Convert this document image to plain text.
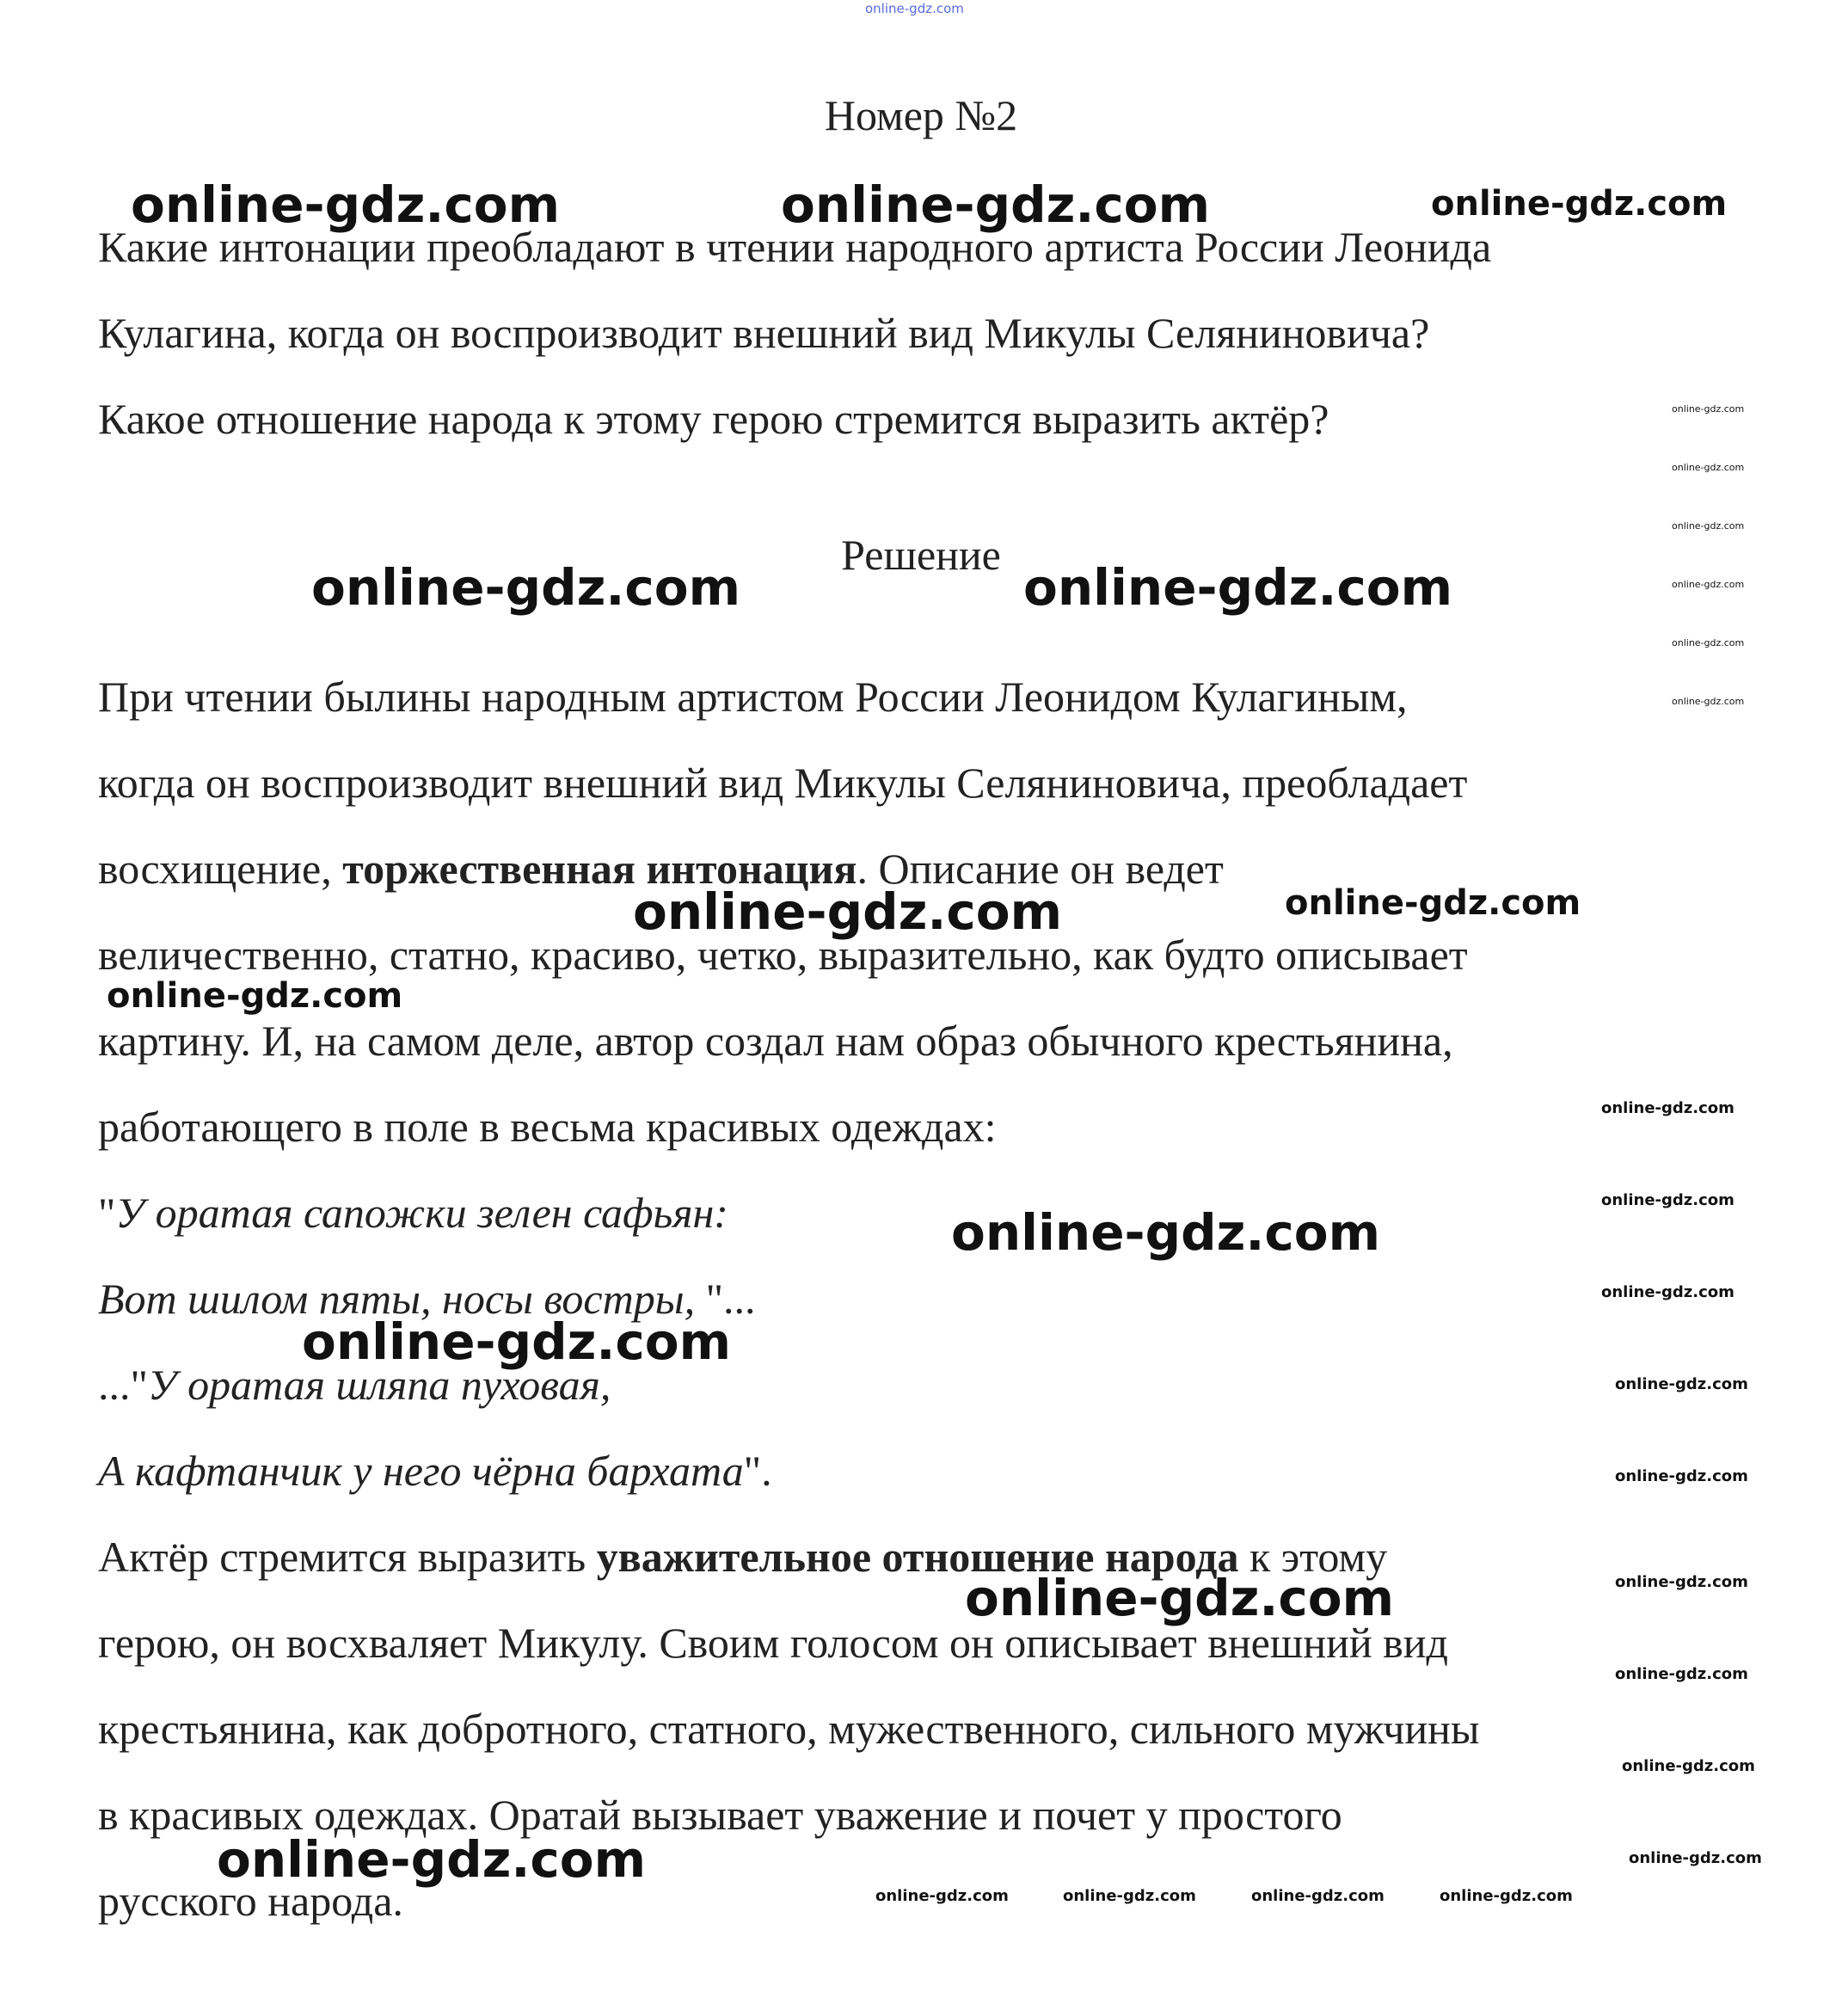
online-gdz.com
Номер №2
Какие интонации преобладают в чтении народного артиста России Леонида
Кулагина, когда он воспроизводит внешний вид Микулы Селяниновича?
Какое отношение народа к этому герою стремится выразить актёр?
Решение
При чтении былины народным артистом России Леонидом Кулагиным,
когда он воспроизводит внешний вид Микулы Селяниновича, преобладает
восхищение, торжественная интонация. Описание он ведет
величественно, статно, красиво, четко, выразительно, как будто описывает
картину. И, на самом деле, автор создал нам образ обычного крестьянина,
работающего в поле в весьма красивых одеждах:
"У оратая сапожки зелен сафьян:
Вот шилом пяты, носы востры, "...
..."У оратая шляпа пуховая,
А кафтанчик у него чёрна бархата".
Актёр стремится выразить уважительное отношение народа к этому
герою, он восхваляет Микулу. Своим голосом он описывает внешний вид
крестьянина, как добротного, статного, мужественного, сильного мужчины
в красивых одеждах. Оратай вызывает уважение и почет у простого
русского народа.
online-gdz.com	online-gdz.com
online-gdz.com	online-gdz.com
online-gdz.com
online-gdz.com
online-gdz.com
online-gdz.com
online-gdz.com
online-gdz.com
online-gdz.com
online-gdz.com
online-gdz.com
online-gdz.com
online-gdz.com
online-gdz.com
online-gdz.com
online-gdz.com
online-gdz.com
online-gdz.com
online-gdz.com
online-gdz.com	online-gdz.com	online-gdz.com	online-gdz.com
online-gdz.com
online-gdz.com
online-gdz.com
online-gdz.com
online-gdz.com
online-gdz.com
